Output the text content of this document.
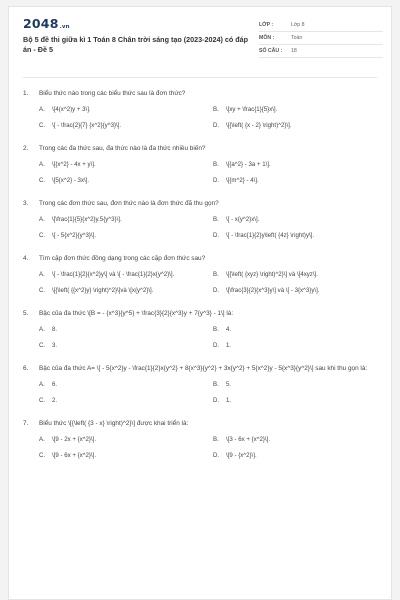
2048.vn
Bộ 5 đề thi giữa kì 1 Toán 8 Chân trời sáng tạo (2023-2024) có đáp án - Đề 5
LỚP :	Lớp 8
MÔN :	Toán
SỐ CÂU :	18
1.	Biểu thức nào trong các biểu thức sau là đơn thức?
A.	\[4(x^2)y + 3\].	B.	\[xy + \frac{1}{5}x\].
C.	\[ - \frac{2}{7} {x^2}{y^3}\].	D.	\[{\left( {x - 2} \right)^2}\].
2.	Trong các đa thức sau, đa thức nào là đa thức nhiều biến?
A.	\[{x^2} - 4x + y\].	B.	\[{a^2} - 3a + 1\].
C.	\[5{x^2} - 3x\].	D.	\[{m^2} - 4\].
3.	Trong các đơn thức sau, đơn thức nào là đơn thức đã thu gọn?
A.	\[\frac{1}{5}{x^2}y.5{y^3}\].	B.	\[ - x{y^2}x\].
C.	\[ - 5{x^2}{y^3}\].	D.	\[ - \frac{1}{2}y\left( {4z} \right)y\].
4.	Tìm cặp đơn thức đồng dạng trong các cặp đơn thức sau?
A.	\[ - \frac{1}{2}{x^2}y\] và \[ - \frac{1}{2}x{y^2}\].	B.	\[{\left( {xyz} \right)^2}\] và \[4xyz\].
C.	\[{\left( {{x^2}y} \right)^2}\]và \[x{y^2}\].	D.	\[\frac{3}{2}{x^3}y\] và \[ - 3{x^3}y\].
5.	Bậc của đa thức \[B = - {x^3}{y^5} + \frac{3}{2}{x^3}y + 7{y^3} - 1\] là:
A.	8.	B.	4.
C.	3.	D.	1.
6.	Bậc của đa thức A= \[ - 5{x^2}y - \frac{1}{2}x{y^2} + 8{x^3}{y^2} + 3x{y^2} + 5{x^2}y - 5{x^3}{y^2}\] sau khi thu gọn là:
A.	6.	B.	5.
C.	2.	D.	1.
7.	Biểu thức \[{\left( {3 - x} \right)^2}\] được khai triển là:
A.	\[9 - 2x + {x^2}\].	B.	\[3 - 6x + {x^2}\].
C.	\[9 - 6x + {x^2}\].	D.	\[9 - {x^2}\].
